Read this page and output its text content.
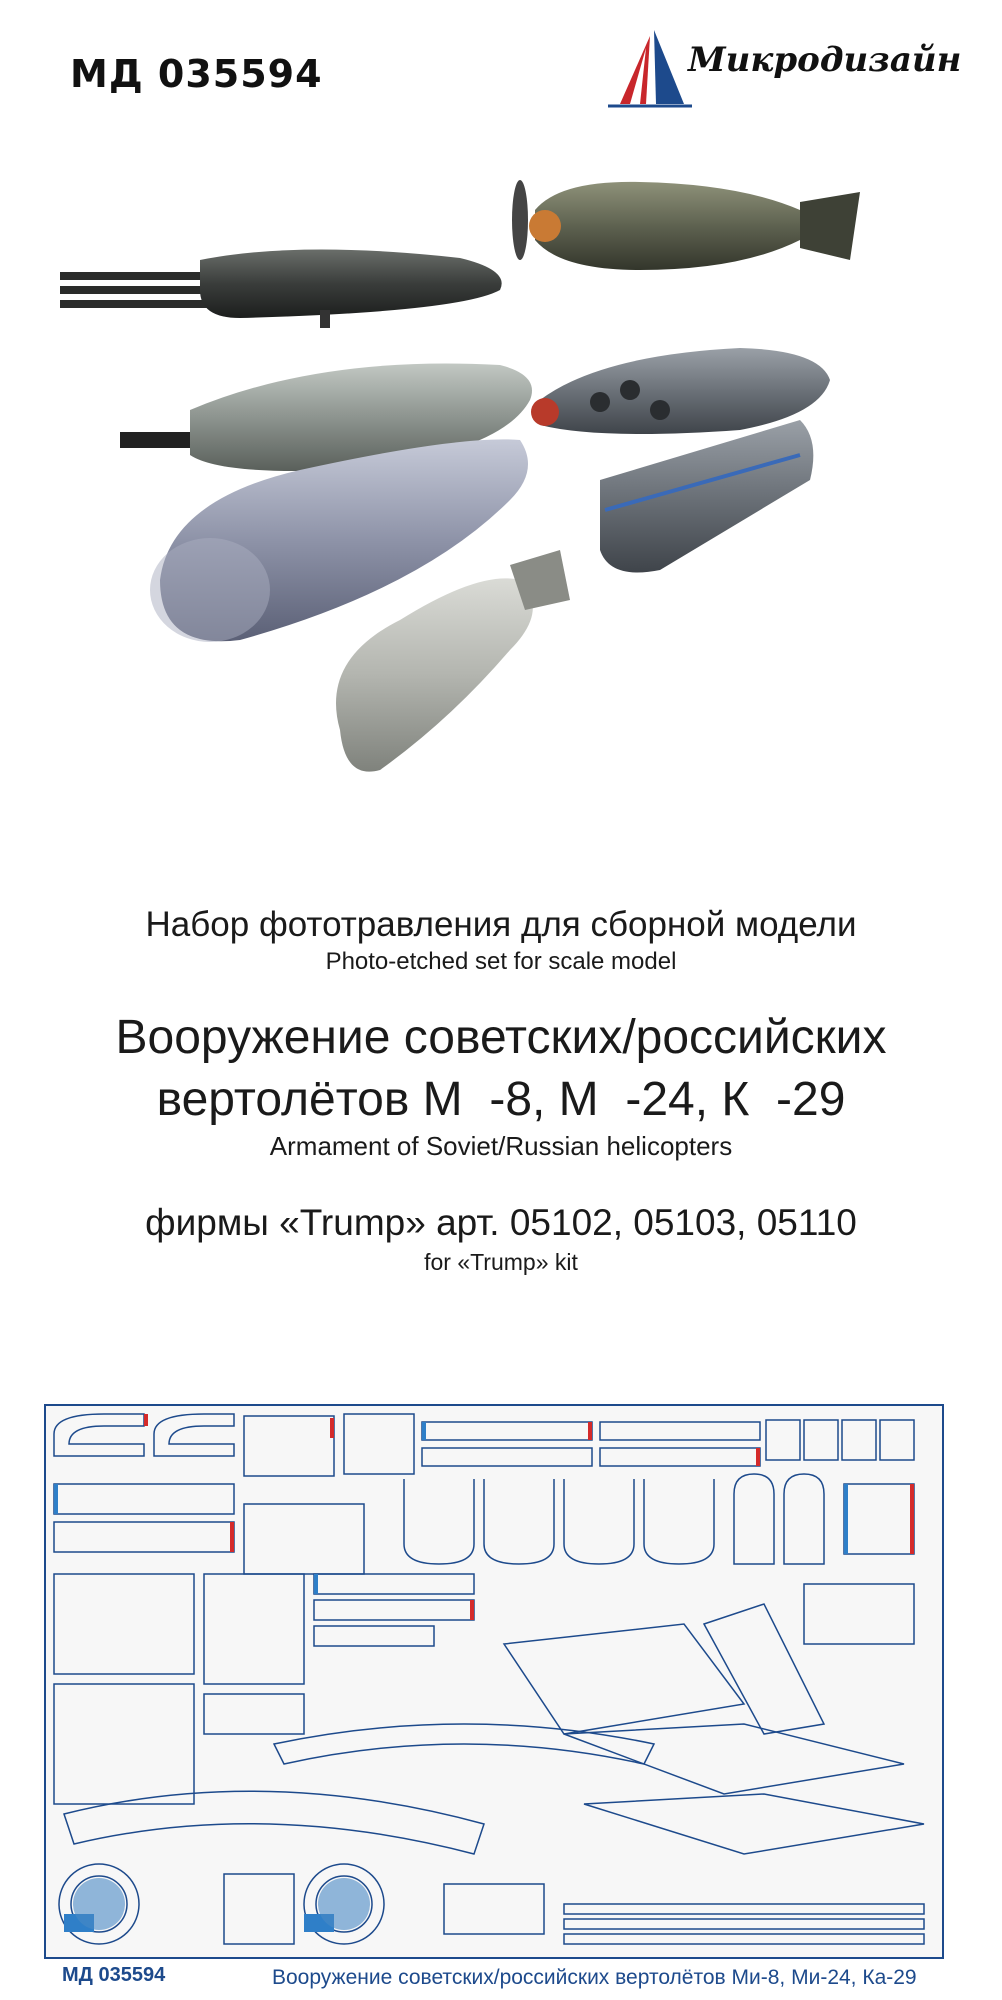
МД 035594	Микродизайн
Набор фототравления для сборной модели
Photo-etched set for scale model
Вооружение советских/российских
вертолётов М  -8, М  -24, К  -29
Armament of Soviet/Russian helicopters
фирмы «Trump» арт. 05102, 05103, 05110
for «Trump» kit
МД 035594	Вооружение советских/российских вертолётов Ми-8, Ми-24, Ка-29
